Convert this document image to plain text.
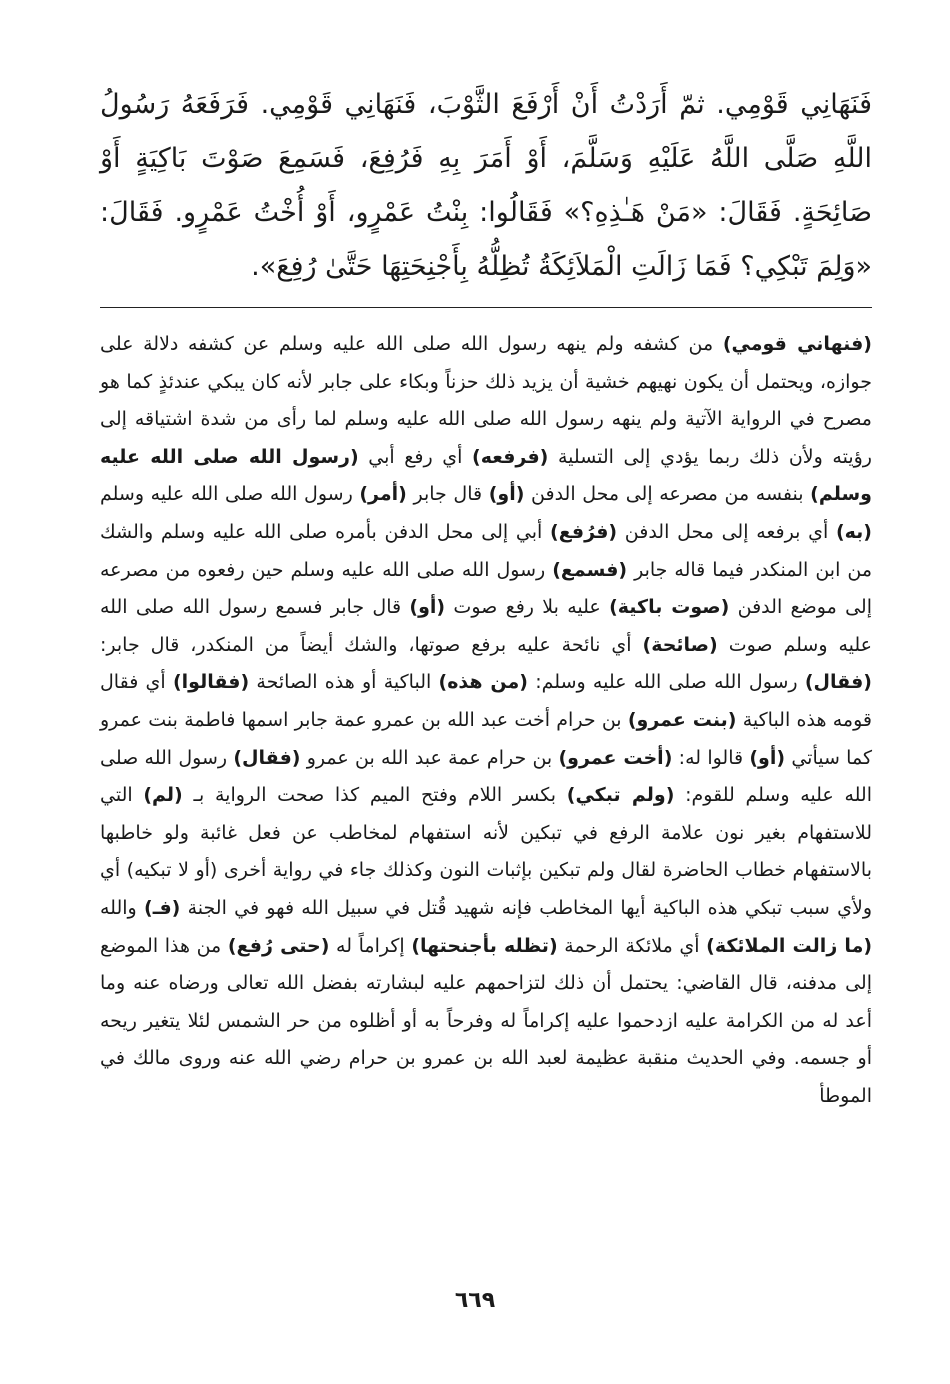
فَنَهَانِي قَوْمِي. ثمّ أَرَدْتُ أَنْ أَرْفَعَ الثَّوْبَ، فَنَهَانِي قَوْمِي. فَرَفَعَهُ رَسُولُ اللَّهِ صَلَّى اللَّهُ عَلَيْهِ وَسَلَّمَ، أَوْ أَمَرَ بِهِ فَرُفِعَ، فَسَمِعَ صَوْتَ بَاكِيَةٍ أَوْ صَائِحَةٍ. فَقَالَ: «مَنْ هَـٰذِهِ؟» فَقَالُوا: بِنْتُ عَمْرٍو، أَوْ أُخْتُ عَمْرٍو. فَقَالَ: «وَلِمَ تَبْكِي؟ فَمَا زَالَتِ الْمَلاَئِكَةُ تُظِلُّهُ بِأَجْنِحَتِهَا حَتَّىٰ رُفِعَ».

(فنهاني قومي) من كشفه ولم ينهه رسول الله صلى الله عليه وسلم عن كشفه دلالة على جوازه، ويحتمل أن يكون نهيهم خشية أن يزيد ذلك حزناً وبكاء على جابر لأنه كان يبكي عندئذٍ كما هو مصرح في الرواية الآتية ولم ينهه رسول الله صلى الله عليه وسلم لما رأى من شدة اشتياقه إلى رؤيته ولأن ذلك ربما يؤدي إلى التسلية (فرفعه) أي رفع أبي (رسول الله صلى الله عليه وسلم) بنفسه من مصرعه إلى محل الدفن (أو) قال جابر (أمر) رسول الله صلى الله عليه وسلم (به) أي برفعه إلى محل الدفن (فرُفع) أبي إلى محل الدفن بأمره صلى الله عليه وسلم والشك من ابن المنكدر فيما قاله جابر (فسمع) رسول الله صلى الله عليه وسلم حين رفعوه من مصرعه إلى موضع الدفن (صوت باكية) عليه بلا رفع صوت (أو) قال جابر فسمع رسول الله صلى الله عليه وسلم صوت (صائحة) أي نائحة عليه برفع صوتها، والشك أيضاً من المنكدر، قال جابر: (فقال) رسول الله صلى الله عليه وسلم: (من هذه) الباكية أو هذه الصائحة (فقالوا) أي فقال قومه هذه الباكية (بنت عمرو) بن حرام أخت عبد الله بن عمرو عمة جابر اسمها فاطمة بنت عمرو كما سيأتي (أو) قالوا له: (أخت عمرو) بن حرام عمة عبد الله بن عمرو (فقال) رسول الله صلى الله عليه وسلم للقوم: (ولم تبكي) بكسر اللام وفتح الميم كذا صحت الرواية بـ (لم) التي للاستفهام بغير نون علامة الرفع في تبكين لأنه استفهام لمخاطب عن فعل غائبة ولو خاطبها بالاستفهام خطاب الحاضرة لقال ولم تبكين بإثبات النون وكذلك جاء في رواية أخرى (أو لا تبكيه) أي ولأي سبب تبكي هذه الباكية أيها المخاطب فإنه شهيد قُتل في سبيل الله فهو في الجنة (فـ) والله (ما زالت الملائكة) أي ملائكة الرحمة (تظله بأجنحتها) إكراماً له (حتى رُفع) من هذا الموضع إلى مدفنه، قال القاضي: يحتمل أن ذلك لتزاحمهم عليه لبشارته بفضل الله تعالى ورضاه عنه وما أعد له من الكرامة عليه ازدحموا عليه إكراماً له وفرحاً به أو أظلوه من حر الشمس لئلا يتغير ريحه أو جسمه. وفي الحديث منقبة عظيمة لعبد الله بن عمرو بن حرام رضي الله عنه وروى مالك في الموطأ

٦٦٩
